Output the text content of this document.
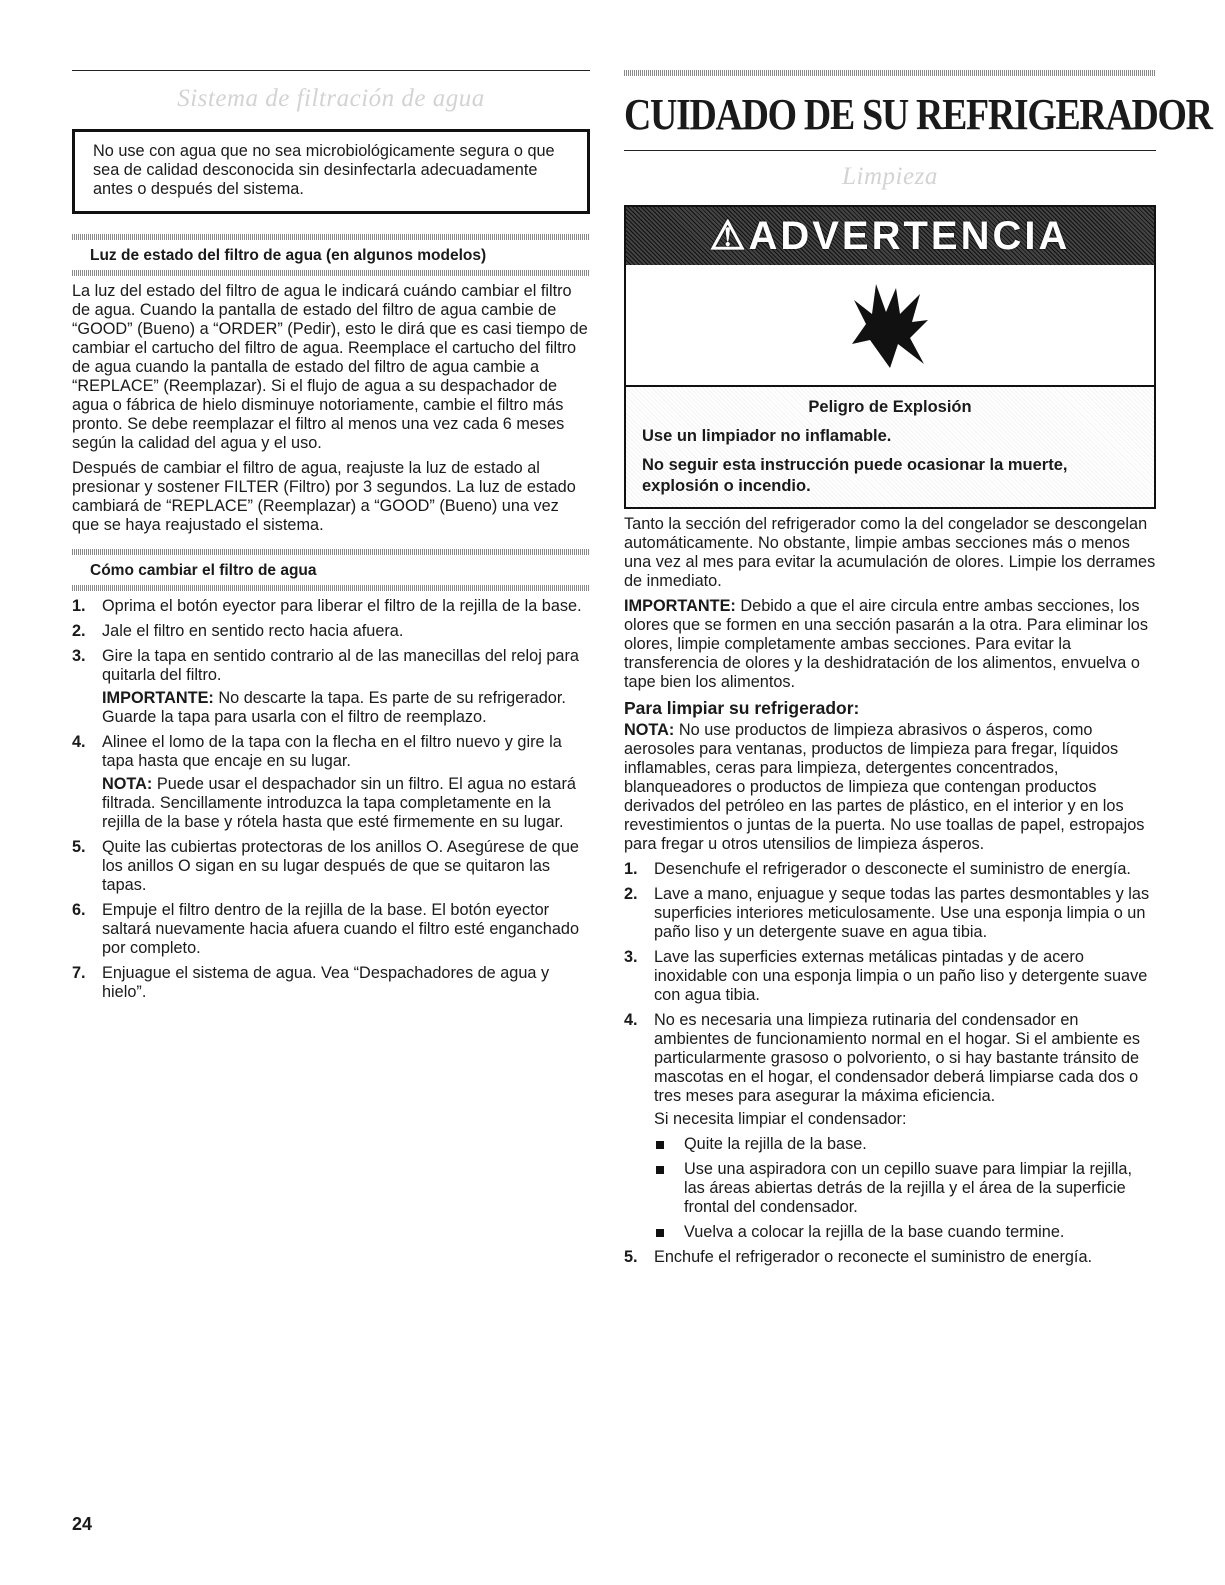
Sistema de filtración de agua

No use con agua que no sea microbiológicamente segura o que sea de calidad desconocida sin desinfectarla adecuadamente antes o después del sistema.

Luz de estado del filtro de agua (en algunos modelos)

La luz del estado del filtro de agua le indicará cuándo cambiar el filtro de agua. Cuando la pantalla de estado del filtro de agua cambie de “GOOD” (Bueno) a “ORDER” (Pedir), esto le dirá que es casi tiempo de cambiar el cartucho del filtro de agua. Reemplace el cartucho del filtro de agua cuando la pantalla de estado del filtro de agua cambie a “REPLACE” (Reemplazar). Si el flujo de agua a su despachador de agua o fábrica de hielo disminuye notoriamente, cambie el filtro más pronto. Se debe reemplazar el filtro al menos una vez cada 6 meses según la calidad del agua y el uso.

Después de cambiar el filtro de agua, reajuste la luz de estado al presionar y sostener FILTER (Filtro) por 3 segundos. La luz de estado cambiará de “REPLACE” (Reemplazar) a “GOOD” (Bueno) una vez que se haya reajustado el sistema.

Cómo cambiar el filtro de agua
1. Oprima el botón eyector para liberar el filtro de la rejilla de la base.
2. Jale el filtro en sentido recto hacia afuera.
3. Gire la tapa en sentido contrario al de las manecillas del reloj para quitarla del filtro.

IMPORTANTE: No descarte la tapa. Es parte de su refrigerador. Guarde la tapa para usarla con el filtro de reemplazo.

4. Alinee el lomo de la tapa con la flecha en el filtro nuevo y gire la tapa hasta que encaje en su lugar.

NOTA: Puede usar el despachador sin un filtro. El agua no estará filtrada. Sencillamente introduzca la tapa completamente en la rejilla de la base y rótela hasta que esté firmemente en su lugar.

5. Quite las cubiertas protectoras de los anillos O. Asegúrese de que los anillos O sigan en su lugar después de que se quitaron las tapas.
6. Empuje el filtro dentro de la rejilla de la base. El botón eyector saltará nuevamente hacia afuera cuando el filtro esté enganchado por completo.
7. Enjuague el sistema de agua. Vea “Despachadores de agua y hielo”.
CUIDADO DE SU REFRIGERADOR
Limpieza
⚠ADVERTENCIA

Peligro de Explosión

Use un limpiador no inflamable.

No seguir esta instrucción puede ocasionar la muerte, explosión o incendio.

Tanto la sección del refrigerador como la del congelador se descongelan automáticamente. No obstante, limpie ambas secciones más o menos una vez al mes para evitar la acumulación de olores. Limpie los derrames de inmediato.

IMPORTANTE: Debido a que el aire circula entre ambas secciones, los olores que se formen en una sección pasarán a la otra. Para eliminar los olores, limpie completamente ambas secciones. Para evitar la transferencia de olores y la deshidratación de los alimentos, envuelva o tape bien los alimentos.

Para limpiar su refrigerador:

NOTA: No use productos de limpieza abrasivos o ásperos, como aerosoles para ventanas, productos de limpieza para fregar, líquidos inflamables, ceras para limpieza, detergentes concentrados, blanqueadores o productos de limpieza que contengan productos derivados del petróleo en las partes de plástico, en el interior y en los revestimientos o juntas de la puerta. No use toallas de papel, estropajos para fregar u otros utensilios de limpieza ásperos.

1. Desenchufe el refrigerador o desconecte el suministro de energía.
2. Lave a mano, enjuague y seque todas las partes desmontables y las superficies interiores meticulosamente. Use una esponja limpia o un paño liso y un detergente suave en agua tibia.
3. Lave las superficies externas metálicas pintadas y de acero inoxidable con una esponja limpia o un paño liso y detergente suave con agua tibia.
4. No es necesaria una limpieza rutinaria del condensador en ambientes de funcionamiento normal en el hogar. Si el ambiente es particularmente grasoso o polvoriento, o si hay bastante tránsito de mascotas en el hogar, el condensador deberá limpiarse cada dos o tres meses para asegurar la máxima eficiencia.

Si necesita limpiar el condensador:

Quite la rejilla de la base.
Use una aspiradora con un cepillo suave para limpiar la rejilla, las áreas abiertas detrás de la rejilla y el área de la superficie frontal del condensador.
Vuelva a colocar la rejilla de la base cuando termine.
5. Enchufe el refrigerador o reconecte el suministro de energía.
24
